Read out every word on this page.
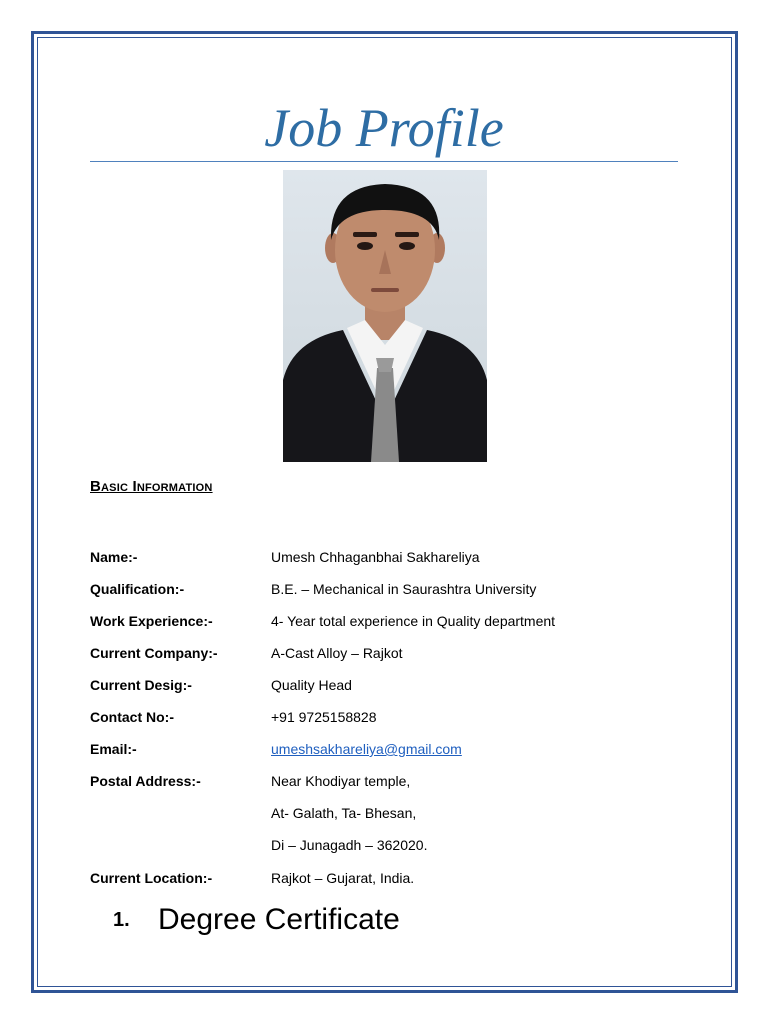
Job Profile
Basic Information
Name:-	Umesh Chhaganbhai Sakhareliya
Qualification:-	B.E. – Mechanical in Saurashtra University
Work Experience:-	4- Year total experience in Quality department
Current Company:-	A-Cast Alloy – Rajkot
Current Desig:-	Quality Head
Contact No:-	+91 9725158828
Email:-	umeshsakhareliya@gmail.com
Postal Address:-	Near Khodiyar temple,
At- Galath, Ta- Bhesan,
Di – Junagadh – 362020.
Current Location:-	Rajkot – Gujarat, India.
1. Degree Certificate
